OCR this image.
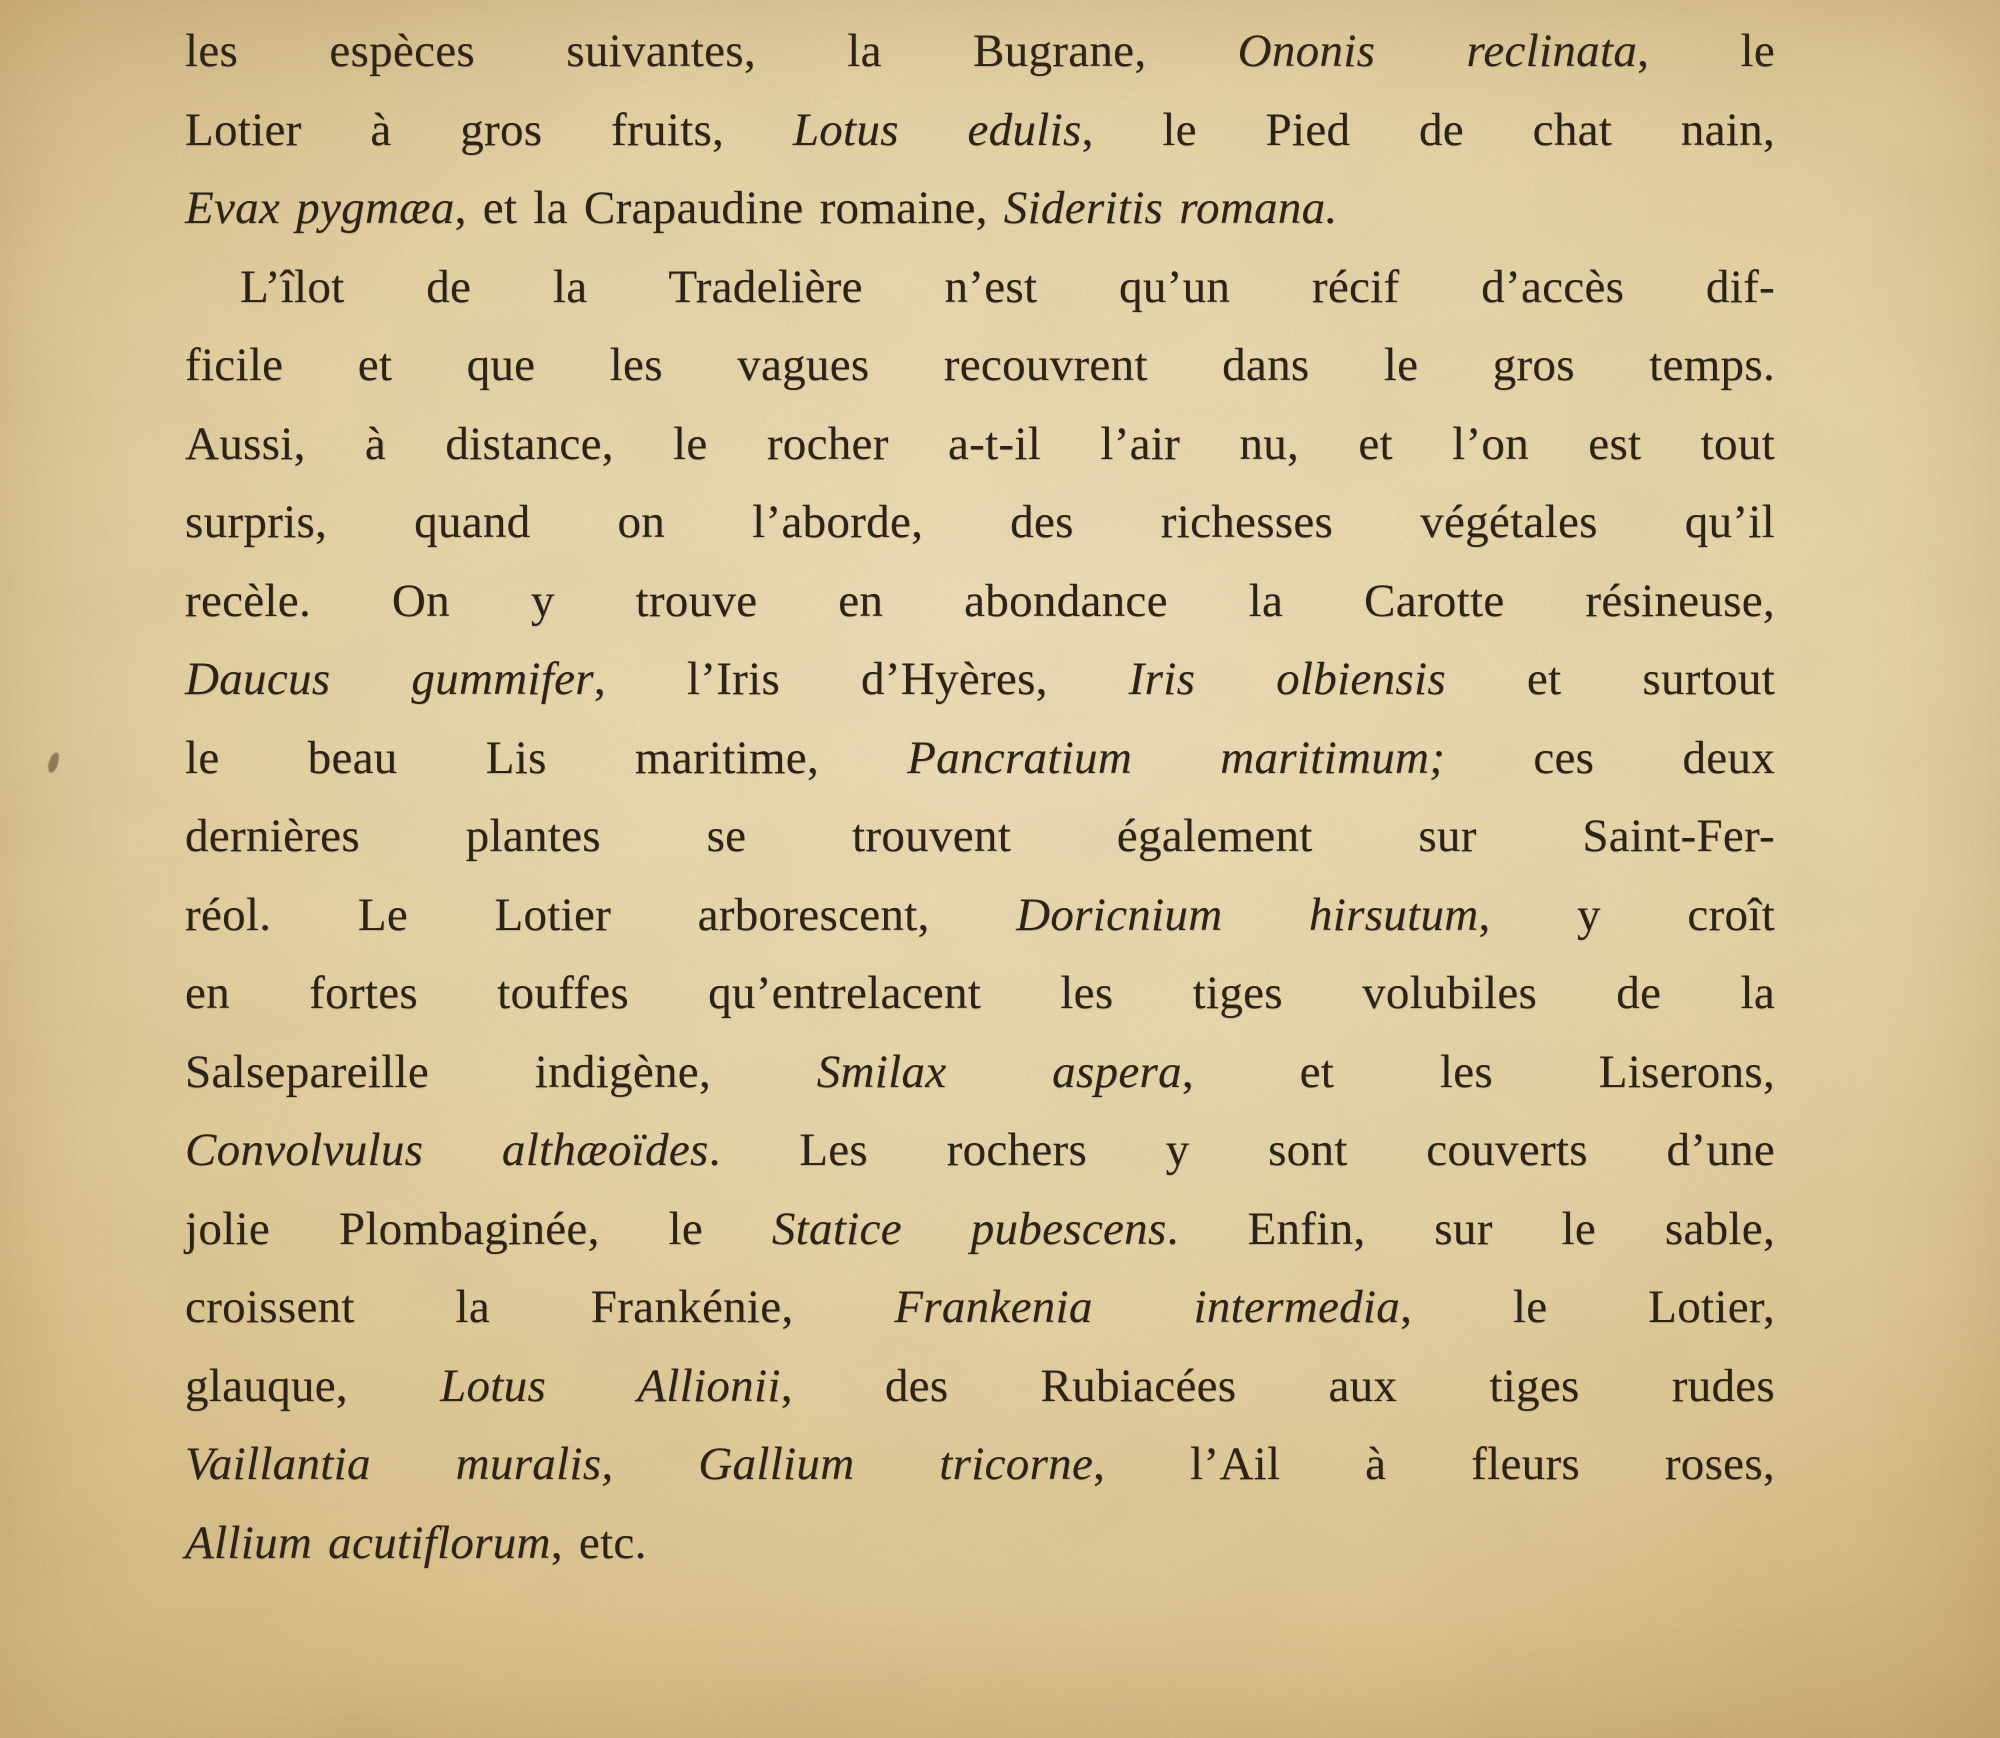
les espèces suivantes, la Bugrane, Ononis reclinata, le
Lotier à gros fruits, Lotus edulis, le Pied de chat nain,
Evax pygmæa, et la Crapaudine romaine, Sideritis romana.
L’îlot de la Tradelière n’est qu’un récif d’accès dif-
ficile et que les vagues recouvrent dans le gros temps.
Aussi, à distance, le rocher a-t-il l’air nu, et l’on est tout
surpris, quand on l’aborde, des richesses végétales qu’il
recèle. On y trouve en abondance la Carotte résineuse,
Daucus gummifer, l’Iris d’Hyères, Iris olbiensis et surtout
le beau Lis maritime, Pancratium maritimum; ces deux
dernières plantes se trouvent également sur Saint-Fer-
réol. Le Lotier arborescent, Doricnium hirsutum, y croît
en fortes touffes qu’entrelacent les tiges volubiles de la
Salsepareille indigène, Smilax aspera, et les Liserons,
Convolvulus althæoïdes. Les rochers y sont couverts d’une
jolie Plombaginée, le Statice pubescens. Enfin, sur le sable,
croissent la Frankénie, Frankenia intermedia, le Lotier,
glauque, Lotus Allionii, des Rubiacées aux tiges rudes
Vaillantia muralis, Gallium tricorne, l’Ail à fleurs roses,
Allium acutiflorum, etc.
